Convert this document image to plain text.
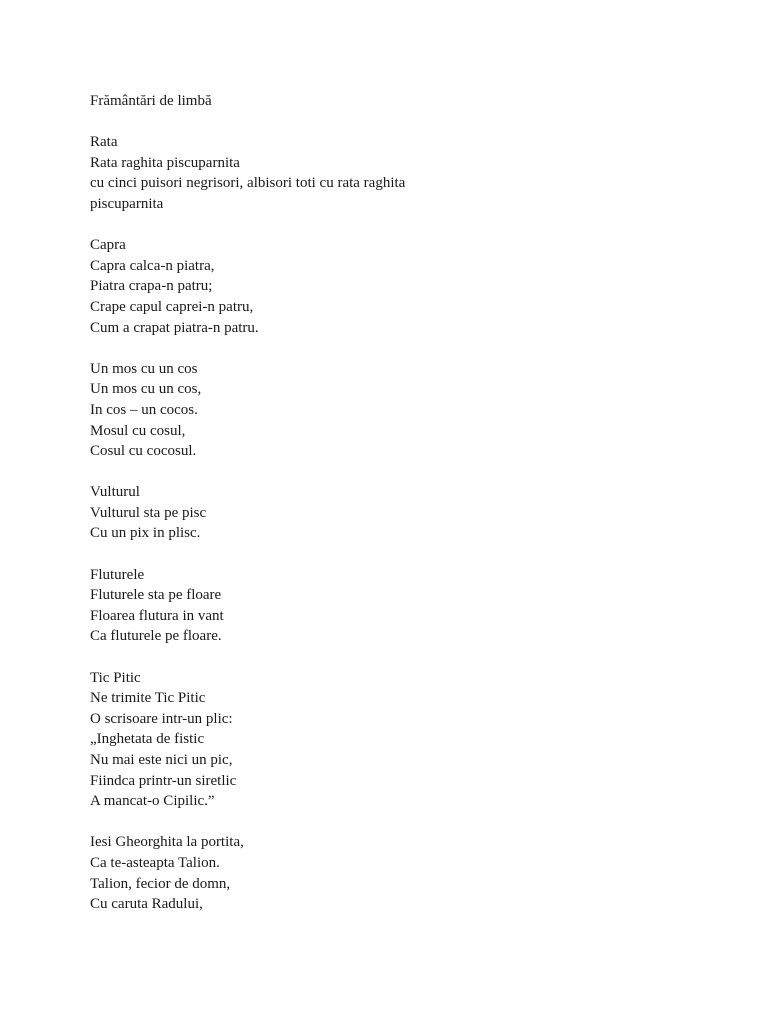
Frământări de limbă
Rata
Rata raghita piscuparnita
cu cinci puisori negrisori, albisori toti cu rata raghita piscuparnita
Capra
Capra calca-n piatra,
Piatra crapa-n patru;
Crape capul caprei-n patru,
Cum a crapat piatra-n patru.
Un mos cu un cos
Un mos cu un cos,
In cos – un cocos.
Mosul cu cosul,
Cosul cu cocosul.
Vulturul
Vulturul sta pe pisc
Cu un pix in plisc.
Fluturele
Fluturele sta pe floare
Floarea flutura in vant
Ca fluturele pe floare.
Tic Pitic
Ne trimite Tic Pitic
O scrisoare intr-un plic:
„Inghetata de fistic
Nu mai este nici un pic,
Fiindca printr-un siretlic
A mancat-o Cipilic.”
Iesi Gheorghita la portita,
Ca te-asteapta Talion.
Talion, fecior de domn,
Cu caruta Radului,
